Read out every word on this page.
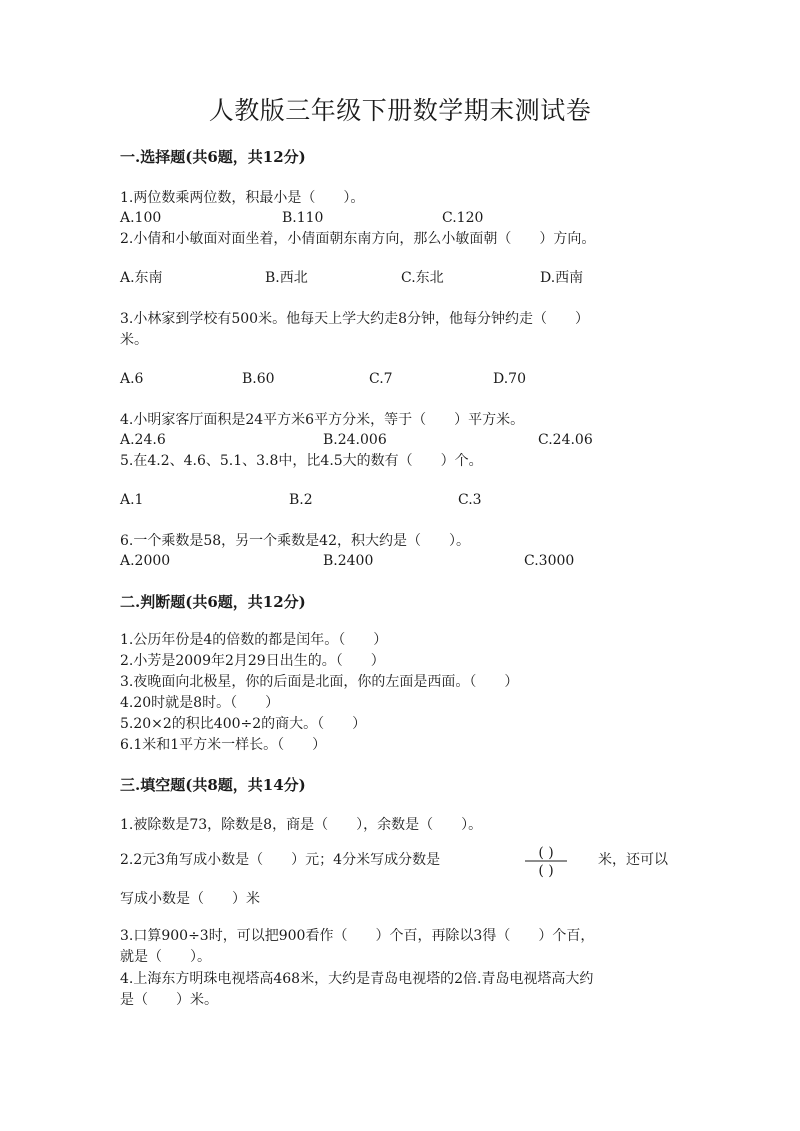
人教版三年级下册数学期末测试卷
一.选择题(共6题，共12分)
1.两位数乘两位数，积最小是（　　）。
A.100	B.110	C.120
2.小倩和小敏面对面坐着，小倩面朝东南方向，那么小敏面朝（　　）方向。
A.东南	B.西北	C.东北	D.西南
3.小林家到学校有500米。他每天上学大约走8分钟，他每分钟约走（　　）
米。
A.6	B.60	C.7	D.70
4.小明家客厅面积是24平方米6平方分米，等于（　　）平方米。
A.24.6	B.24.006	C.24.06
5.在4.2、4.6、5.1、3.8中，比4.5大的数有（　　）个。
A.1	B.2	C.3
6.一个乘数是58，另一个乘数是42，积大约是（　　）。
A.2000	B.2400	C.3000
二.判断题(共6题，共12分)
1.公历年份是4的倍数的都是闰年。（　　）
2.小芳是2009年2月29日出生的。（　　）
3.夜晚面向北极星，你的后面是北面，你的左面是西面。（　　）
4.20时就是8时。（　　）
5.20×2的积比400÷2的商大。（　　）
6.1米和1平方米一样长。（　　）
三.填空题(共8题，共14分)
1.被除数是73，除数是8，商是（　　），余数是（　　）。
2.2元3角写成小数是（　　）元；4分米写成分数是	( )
( )
米，还可以
写成小数是（　　）米
3.口算900÷3时，可以把900看作（　　）个百，再除以3得（　　）个百，
就是（　　）。
4.上海东方明珠电视塔高468米，大约是青岛电视塔的2倍.青岛电视塔高大约
是（　　）米。
